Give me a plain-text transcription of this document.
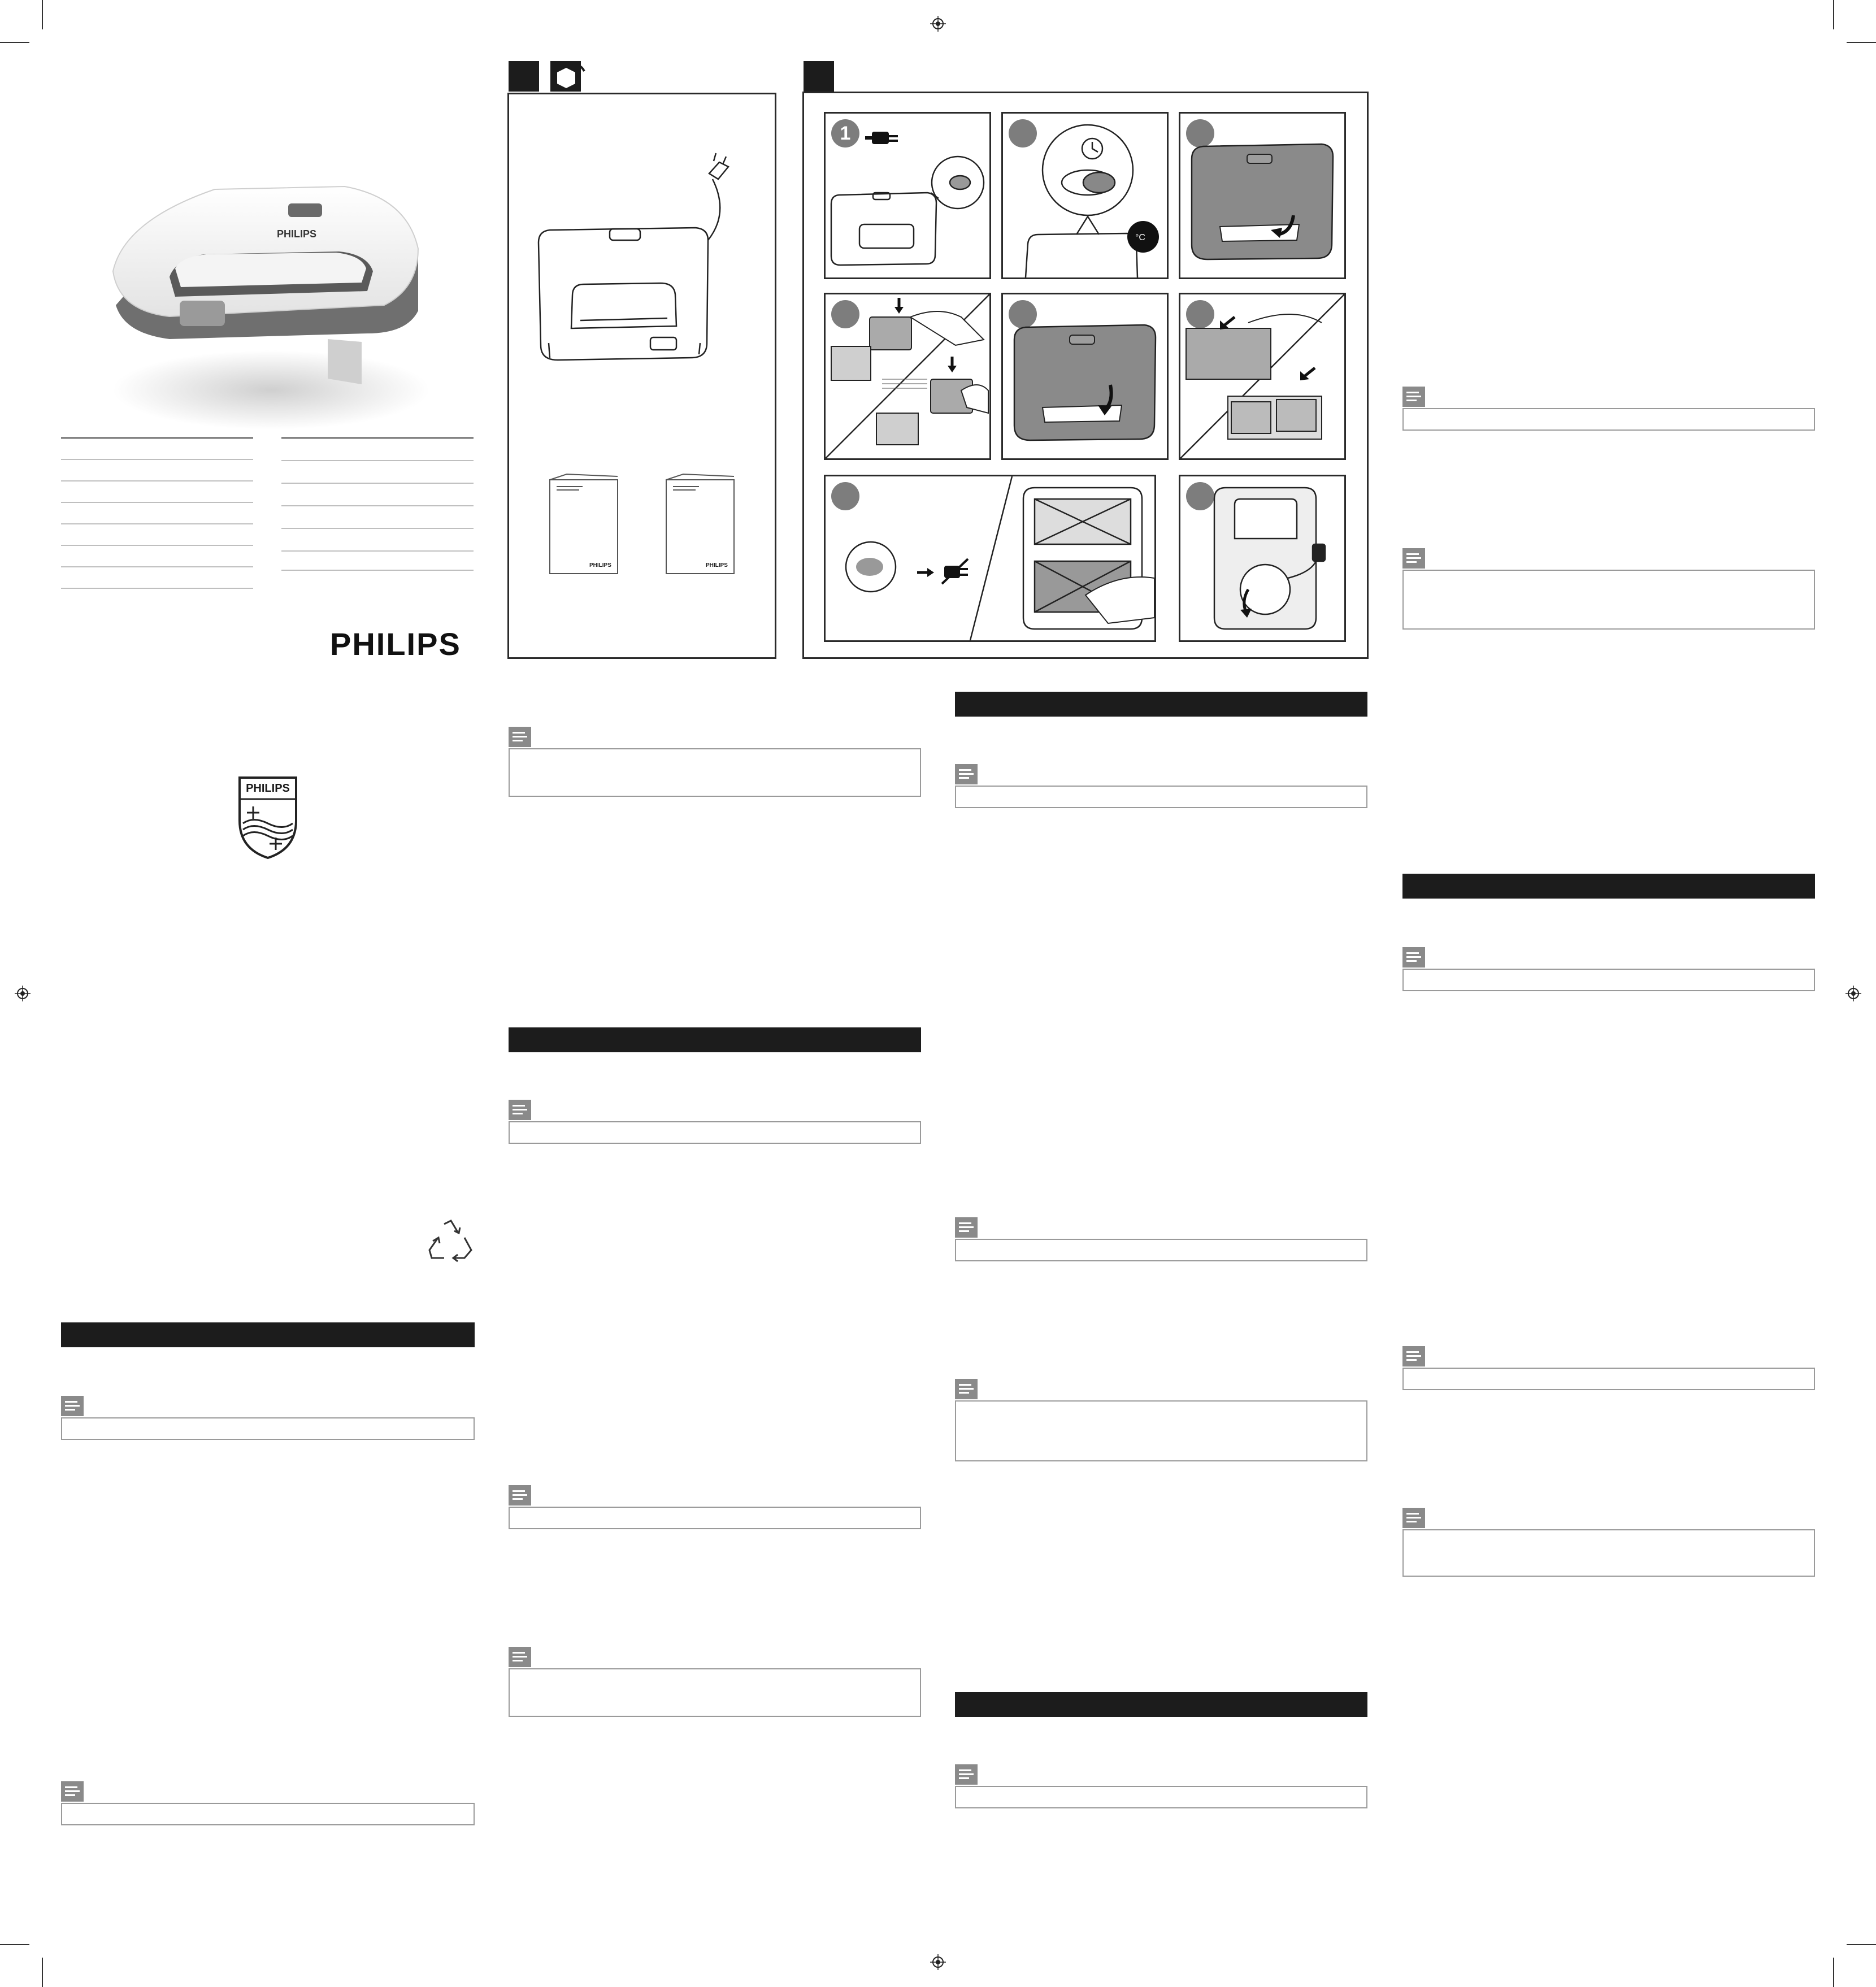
PHILIPS
PHILIPS
PHILIPS
PHILIPS	PHILIPS
1
°C
